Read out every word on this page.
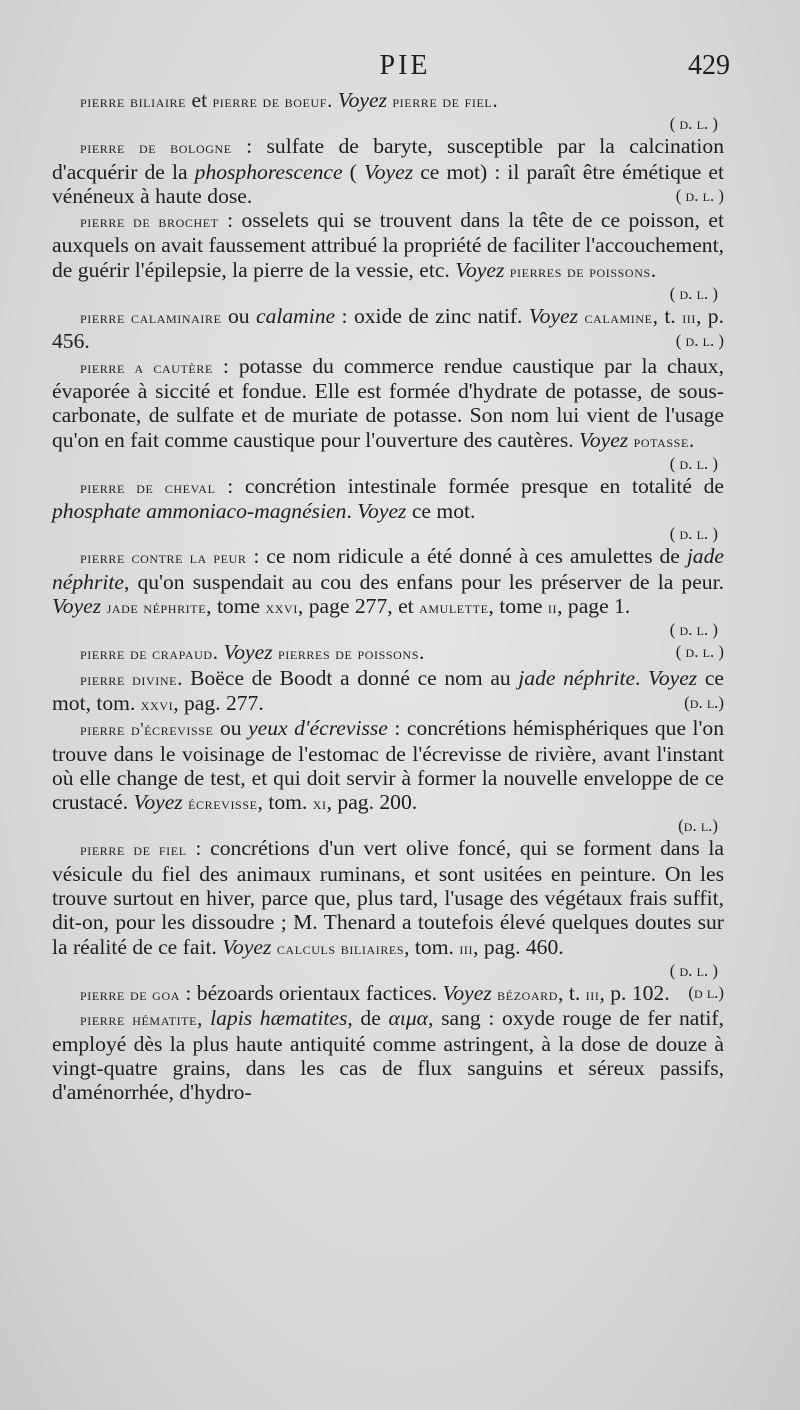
PIE	429

pierre biliaire et pierre de boeuf. Voyez pierre de fiel.
( d. l. )

pierre de bologne : sulfate de baryte, susceptible par la calcination d'acquérir de la phosphorescence ( Voyez ce mot) : il paraît être émétique et vénéneux à haute dose.	( d. l. )

pierre de brochet : osselets qui se trouvent dans la tête de ce poisson, et auxquels on avait faussement attribué la propriété de faciliter l'accouchement, de guérir l'épilepsie, la pierre de la vessie, etc. Voyez pierres de poissons.
( d. l. )

pierre calaminaire ou calamine : oxide de zinc natif. Voyez calamine, t. iii, p. 456.	( d. l. )

pierre a cautère : potasse du commerce rendue caustique par la chaux, évaporée à siccité et fondue. Elle est formée d'hydrate de potasse, de sous-carbonate, de sulfate et de muriate de potasse. Son nom lui vient de l'usage qu'on en fait comme caustique pour l'ouverture des cautères. Voyez potasse.
( d. l. )

pierre de cheval : concrétion intestinale formée presque en totalité de phosphate ammoniaco-magnésien. Voyez ce mot.
( d. l. )

pierre contre la peur : ce nom ridicule a été donné à ces amulettes de jade néphrite, qu'on suspendait au cou des enfans pour les préserver de la peur. Voyez jade néphrite, tome xxvi, page 277, et amulette, tome ii, page 1.
( d. l. )

pierre de crapaud. Voyez pierres de poissons.	( d. l. )

pierre divine. Boëce de Boodt a donné ce nom au jade néphrite. Voyez ce mot, tom. xxvi, pag. 277.	(d. l.)

pierre d'écrevisse ou yeux d'écrevisse : concrétions hémisphériques que l'on trouve dans le voisinage de l'estomac de l'écrevisse de rivière, avant l'instant où elle change de test, et qui doit servir à former la nouvelle enveloppe de ce crustacé. Voyez écrevisse, tom. xi, pag. 200.
(d. l.)

pierre de fiel : concrétions d'un vert olive foncé, qui se forment dans la vésicule du fiel des animaux ruminans, et sont usitées en peinture. On les trouve surtout en hiver, parce que, plus tard, l'usage des végétaux frais suffit, dit-on, pour les dissoudre ; M. Thenard a toutefois élevé quelques doutes sur la réalité de ce fait. Voyez calculs biliaires, tom. iii, pag. 460.
( d. l. )

pierre de goa : bézoards orientaux factices. Voyez bézoard, t. iii, p. 102. (d l.)

pierre hématite, lapis hæmatites, de αιμα, sang : oxyde rouge de fer natif, employé dès la plus haute antiquité comme astringent, à la dose de douze à vingt-quatre grains, dans les cas de flux sanguins et séreux passifs, d'aménorrhée, d'hydro-
